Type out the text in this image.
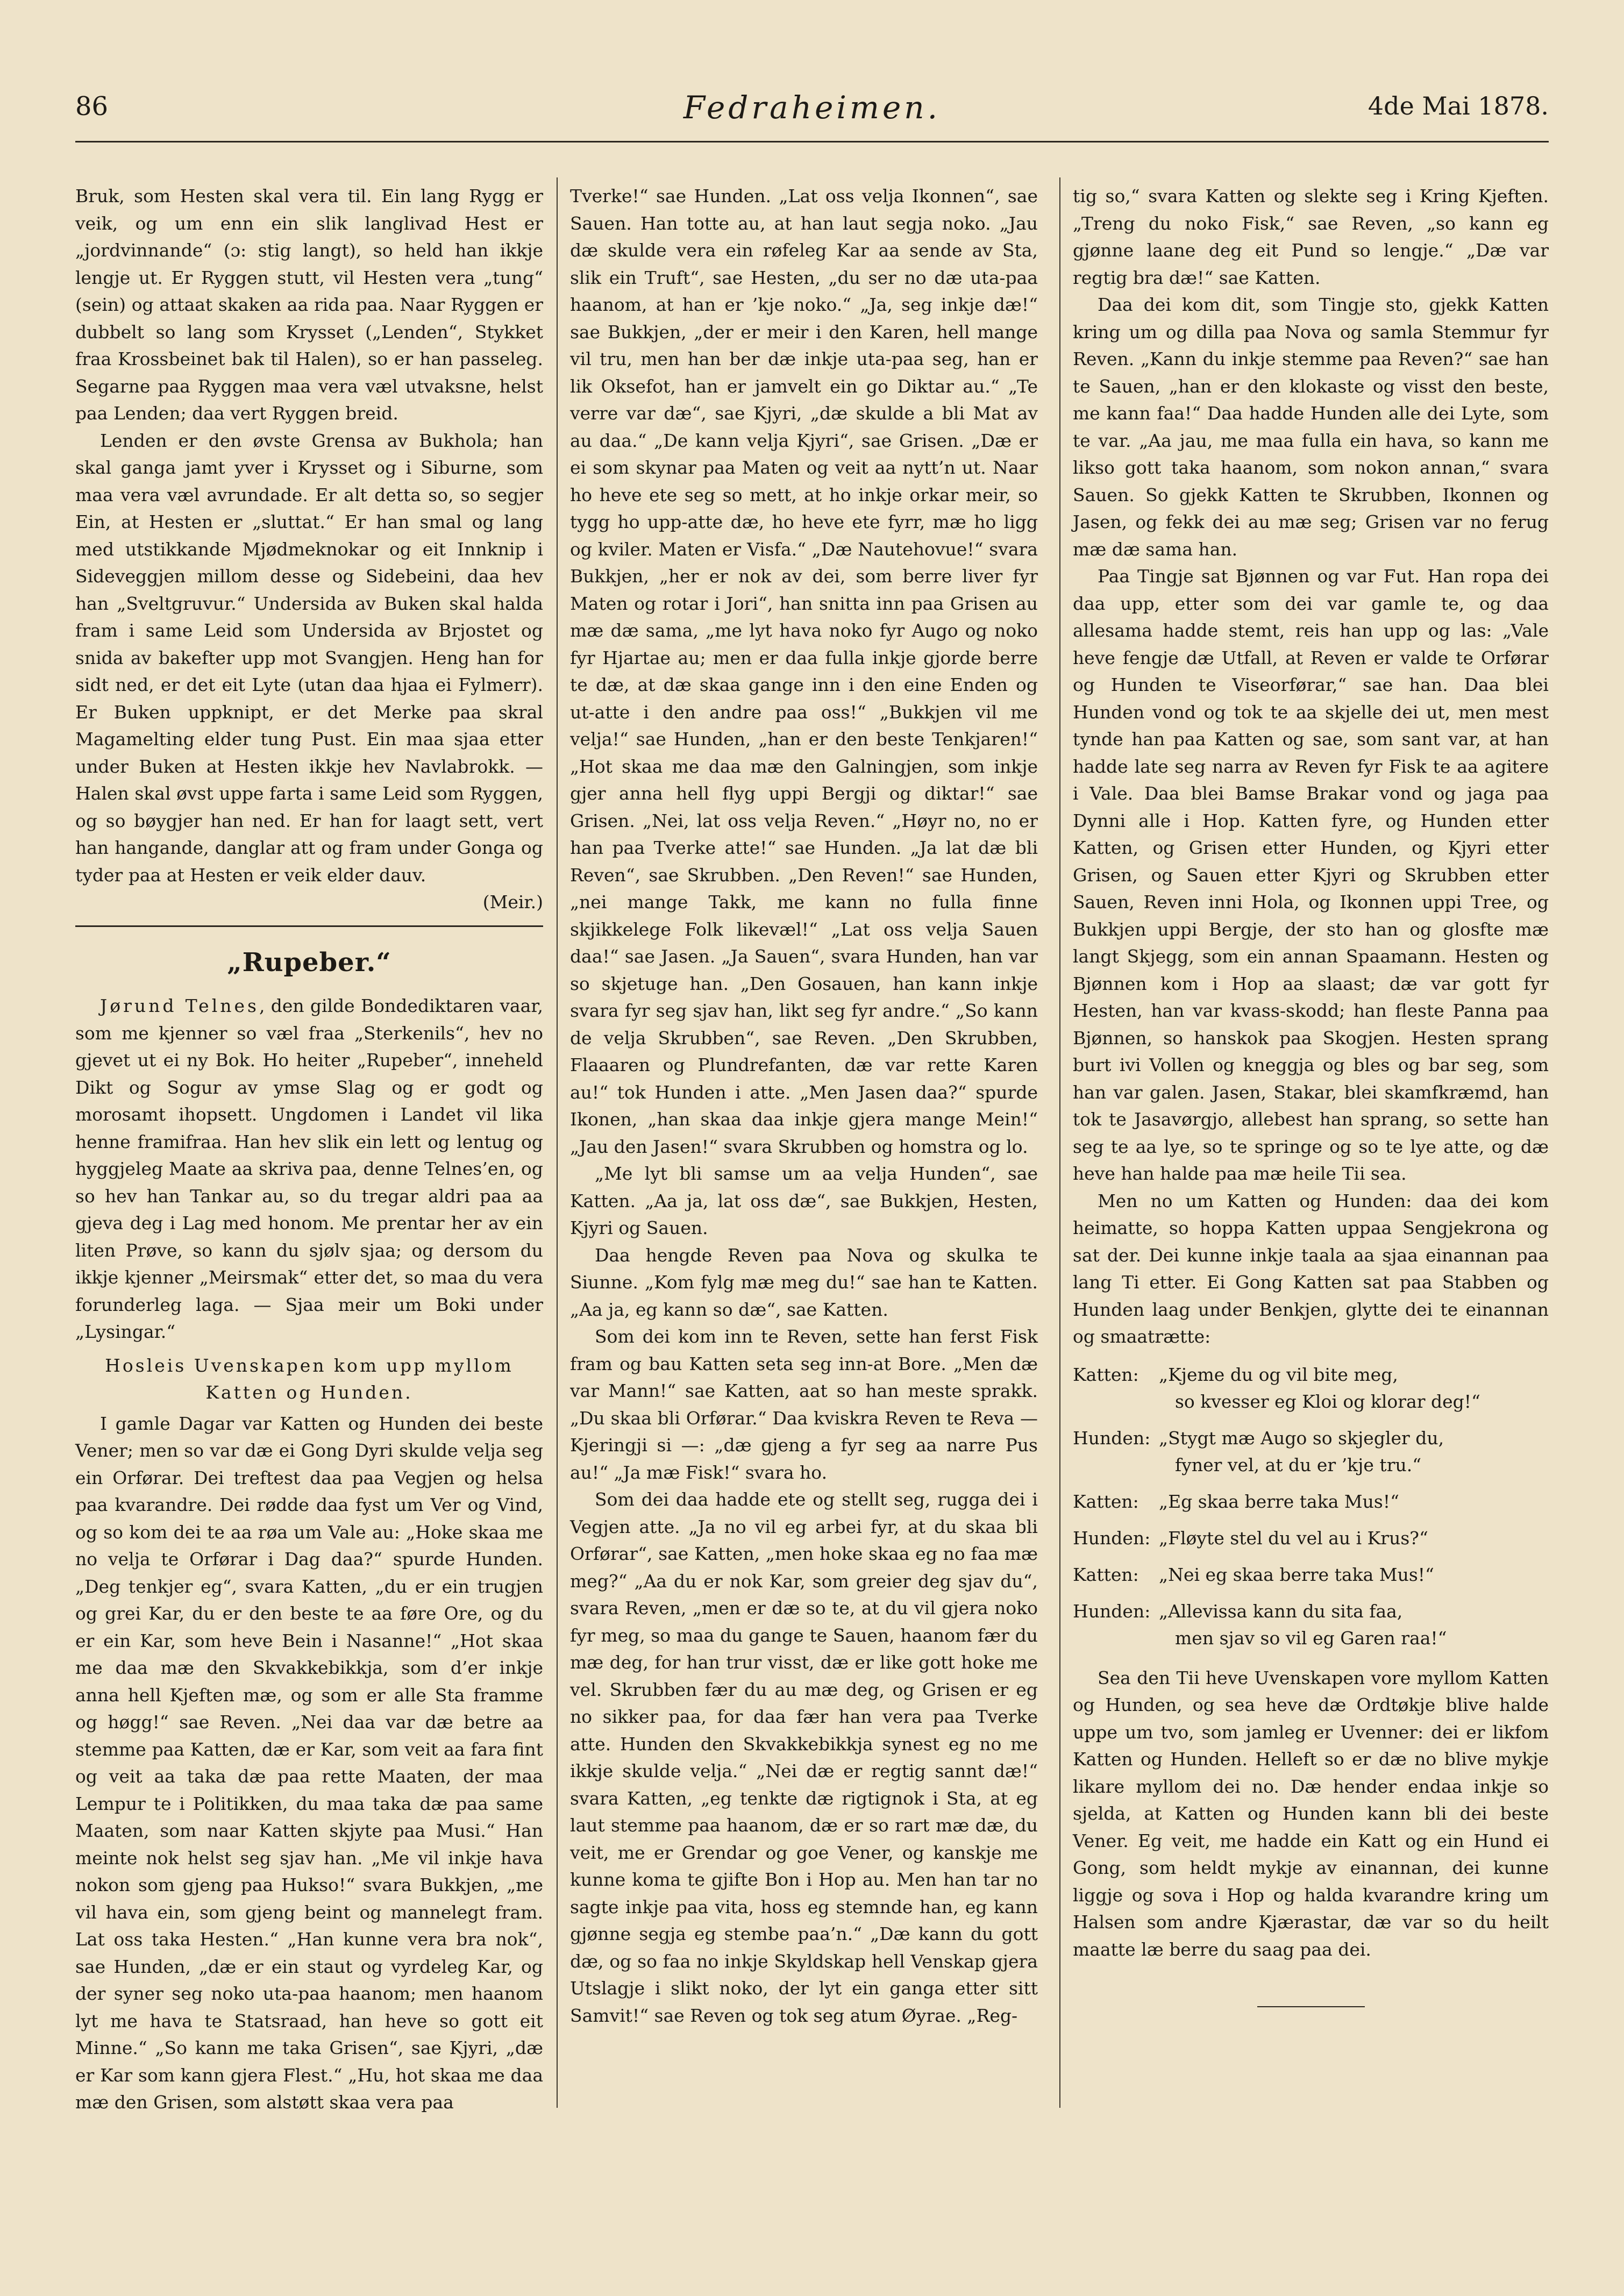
86	Fedraheimen.	4de Mai 1878.

Bruk, som Hesten skal vera til. Ein lang Rygg er veik, og um enn ein slik langlivad Hest er „jordvinnande“ (ɔ: stig langt), so held han ikkje lengje ut. Er Ryggen stutt, vil Hesten vera „tung“ (sein) og attaat skaken aa rida paa. Naar Ryggen er dubbelt so lang som Krysset („Lenden“, Stykket fraa Krossbeinet bak til Halen), so er han passeleg. Segarne paa Ryggen maa vera væl utvaksne, helst paa Lenden; daa vert Ryggen breid.

Lenden er den øvste Grensa av Bukhola; han skal ganga jamt yver i Krysset og i Siburne, som maa vera væl avrundade. Er alt detta so, so segjer Ein, at Hesten er „sluttat.“ Er han smal og lang med utstikkande Mjødmeknokar og eit Innknip i Sideveggjen millom desse og Sidebeini, daa hev han „Sveltgruvur.“ Undersida av Buken skal halda fram i same Leid som Undersida av Brjostet og snida av bakefter upp mot Svangjen. Heng han for sidt ned, er det eit Lyte (utan daa hjaa ei Fylmerr). Er Buken uppknipt, er det Merke paa skral Magamelting elder tung Pust. Ein maa sjaa etter under Buken at Hesten ikkje hev Navlabrokk. — Halen skal øvst uppe farta i same Leid som Ryggen, og so bøygjer han ned. Er han for laagt sett, vert han hangande, danglar att og fram under Gonga og tyder paa at Hesten er veik elder dauv.

(Meir.)

„Rupeber.“

Jørund Telnes, den gilde Bondediktaren vaar, som me kjenner so væl fraa „Sterkenils“, hev no gjevet ut ei ny Bok. Ho heiter „Rupeber“, inneheld Dikt og Sogur av ymse Slag og er godt og morosamt ihopsett. Ungdomen i Landet vil lika henne framifraa. Han hev slik ein lett og lentug og hyggjeleg Maate aa skriva paa, denne Telnes’en, og so hev han Tankar au, so du tregar aldri paa aa gjeva deg i Lag med honom. Me prentar her av ein liten Prøve, so kann du sjølv sjaa; og dersom du ikkje kjenner „Meirsmak“ etter det, so maa du vera forunderleg laga. — Sjaa meir um Boki under „Lysingar.“

Hosleis Uvenskapen kom upp myllom
Katten og Hunden.

I gamle Dagar var Katten og Hunden dei beste Vener; men so var dæ ei Gong Dyri skulde velja seg ein Orførar. Dei treftest daa paa Vegjen og helsa paa kvarandre. Dei rødde daa fyst um Ver og Vind, og so kom dei te aa røa um Vale au: „Hoke skaa me no velja te Orførar i Dag daa?“ spurde Hunden. „Deg tenkjer eg“, svara Katten, „du er ein trugjen og grei Kar, du er den beste te aa føre Ore, og du er ein Kar, som heve Bein i Nasanne!“ „Hot skaa me daa mæ den Skvakkebikkja, som d’er inkje anna hell Kjeften mæ, og som er alle Sta framme og høgg!“ sae Reven. „Nei daa var dæ betre aa stemme paa Katten, dæ er Kar, som veit aa fara fint og veit aa taka dæ paa rette Maaten, der maa Lempur te i Politikken, du maa taka dæ paa same Maaten, som naar Katten skjyte paa Musi.“ Han meinte nok helst seg sjav han. „Me vil inkje hava nokon som gjeng paa Hukso!“ svara Bukkjen, „me vil hava ein, som gjeng beint og mannelegt fram. Lat oss taka Hesten.“ „Han kunne vera bra nok“, sae Hunden, „dæ er ein staut og vyrdeleg Kar, og der syner seg noko uta-paa haanom; men haanom lyt me hava te Statsraad, han heve so gott eit Minne.“ „So kann me taka Grisen“, sae Kjyri, „dæ er Kar som kann gjera Flest.“ „Hu, hot skaa me daa mæ den Grisen, som alstøtt skaa vera paa

Tverke!“ sae Hunden. „Lat oss velja Ikonnen“, sae Sauen. Han totte au, at han laut segja noko. „Jau dæ skulde vera ein røfeleg Kar aa sende av Sta, slik ein Truft“, sae Hesten, „du ser no dæ uta-paa haanom, at han er ’kje noko.“ „Ja, seg inkje dæ!“ sae Bukkjen, „der er meir i den Karen, hell mange vil tru, men han ber dæ inkje uta-paa seg, han er lik Oksefot, han er jamvelt ein go Diktar au.“ „Te verre var dæ“, sae Kjyri, „dæ skulde a bli Mat av au daa.“ „De kann velja Kjyri“, sae Grisen. „Dæ er ei som skynar paa Maten og veit aa nytt’n ut. Naar ho heve ete seg so mett, at ho inkje orkar meir, so tygg ho upp-atte dæ, ho heve ete fyrr, mæ ho ligg og kviler. Maten er Visfa.“ „Dæ Nautehovue!“ svara Bukkjen, „her er nok av dei, som berre liver fyr Maten og rotar i Jori“, han snitta inn paa Grisen au mæ dæ sama, „me lyt hava noko fyr Augo og noko fyr Hjartae au; men er daa fulla inkje gjorde berre te dæ, at dæ skaa gange inn i den eine Enden og ut-atte i den andre paa oss!“ „Bukkjen vil me velja!“ sae Hunden, „han er den beste Tenkjaren!“ „Hot skaa me daa mæ den Galningjen, som inkje gjer anna hell flyg uppi Bergji og diktar!“ sae Grisen. „Nei, lat oss velja Reven.“ „Høyr no, no er han paa Tverke atte!“ sae Hunden. „Ja lat dæ bli Reven“, sae Skrubben. „Den Reven!“ sae Hunden, „nei mange Takk, me kann no fulla finne skjikkelege Folk likevæl!“ „Lat oss velja Sauen daa!“ sae Jasen. „Ja Sauen“, svara Hunden, han var so skjetuge han. „Den Gosauen, han kann inkje svara fyr seg sjav han, likt seg fyr andre.“ „So kann de velja Skrubben“, sae Reven. „Den Skrubben, Flaaaren og Plundrefanten, dæ var rette Karen au!“ tok Hunden i atte. „Men Jasen daa?“ spurde Ikonen, „han skaa daa inkje gjera mange Mein!“ „Jau den Jasen!“ svara Skrubben og homstra og lo.

„Me lyt bli samse um aa velja Hunden“, sae Katten. „Aa ja, lat oss dæ“, sae Bukkjen, Hesten, Kjyri og Sauen.

Daa hengde Reven paa Nova og skulka te Siunne. „Kom fylg mæ meg du!“ sae han te Katten. „Aa ja, eg kann so dæ“, sae Katten.

Som dei kom inn te Reven, sette han ferst Fisk fram og bau Katten seta seg inn-at Bore. „Men dæ var Mann!“ sae Katten, aat so han meste sprakk. „Du skaa bli Orførar.“ Daa kviskra Reven te Reva — Kjeringji si —: „dæ gjeng a fyr seg aa narre Pus au!“ „Ja mæ Fisk!“ svara ho.

Som dei daa hadde ete og stellt seg, rugga dei i Vegjen atte. „Ja no vil eg arbei fyr, at du skaa bli Orførar“, sae Katten, „men hoke skaa eg no faa mæ meg?“ „Aa du er nok Kar, som greier deg sjav du“, svara Reven, „men er dæ so te, at du vil gjera noko fyr meg, so maa du gange te Sauen, haanom fær du mæ deg, for han trur visst, dæ er like gott hoke me vel. Skrubben fær du au mæ deg, og Grisen er eg no sikker paa, for daa fær han vera paa Tverke atte. Hunden den Skvakkebikkja synest eg no me ikkje skulde velja.“ „Nei dæ er regtig sannt dæ!“ svara Katten, „eg tenkte dæ rigtignok i Sta, at eg laut stemme paa haanom, dæ er so rart mæ dæ, du veit, me er Grendar og goe Vener, og kanskje me kunne koma te gjifte Bon i Hop au. Men han tar no sagte inkje paa vita, hoss eg stemnde han, eg kann gjønne segja eg stembe paa’n.“ „Dæ kann du gott dæ, og so faa no inkje Skyldskap hell Venskap gjera Utslagje i slikt noko, der lyt ein ganga etter sitt Samvit!“ sae Reven og tok seg atum Øyrae. „Reg-

tig so,“ svara Katten og slekte seg i Kring Kjeften. „Treng du noko Fisk,“ sae Reven, „so kann eg gjønne laane deg eit Pund so lengje.“ „Dæ var regtig bra dæ!“ sae Katten.

Daa dei kom dit, som Tingje sto, gjekk Katten kring um og dilla paa Nova og samla Stemmur fyr Reven. „Kann du inkje stemme paa Reven?“ sae han te Sauen, „han er den klokaste og visst den beste, me kann faa!“ Daa hadde Hunden alle dei Lyte, som te var. „Aa jau, me maa fulla ein hava, so kann me likso gott taka haanom, som nokon annan,“ svara Sauen. So gjekk Katten te Skrubben, Ikonnen og Jasen, og fekk dei au mæ seg; Grisen var no ferug mæ dæ sama han.

Paa Tingje sat Bjønnen og var Fut. Han ropa dei daa upp, etter som dei var gamle te, og daa allesama hadde stemt, reis han upp og las: „Vale heve fengje dæ Utfall, at Reven er valde te Orførar og Hunden te Viseorførar,“ sae han. Daa blei Hunden vond og tok te aa skjelle dei ut, men mest tynde han paa Katten og sae, som sant var, at han hadde late seg narra av Reven fyr Fisk te aa agitere i Vale. Daa blei Bamse Brakar vond og jaga paa Dynni alle i Hop. Katten fyre, og Hunden etter Katten, og Grisen etter Hunden, og Kjyri etter Grisen, og Sauen etter Kjyri og Skrubben etter Sauen, Reven inni Hola, og Ikonnen uppi Tree, og Bukkjen uppi Bergje, der sto han og glosfte mæ langt Skjegg, som ein annan Spaamann. Hesten og Bjønnen kom i Hop aa slaast; dæ var gott fyr Hesten, han var kvass-skodd; han fleste Panna paa Bjønnen, so hanskok paa Skogjen. Hesten sprang burt ivi Vollen og kneggja og bles og bar seg, som han var galen. Jasen, Stakar, blei skamfkræmd, han tok te Jasavørgjo, allebest han sprang, so sette han seg te aa lye, so te springe og so te lye atte, og dæ heve han halde paa mæ heile Tii sea.

Men no um Katten og Hunden: daa dei kom heimatte, so hoppa Katten uppaa Sengjekrona og sat der. Dei kunne inkje taala aa sjaa einannan paa lang Ti etter. Ei Gong Katten sat paa Stabben og Hunden laag under Benkjen, glytte dei te einannan og smaatrætte:

Katten:	„Kjeme du og vil bite meg,
so kvesser eg Kloi og klorar deg!“
Hunden: „Stygt mæ Augo so skjegler du,
fyner vel, at du er ’kje tru.“
Katten:	„Eg skaa berre taka Mus!“
Hunden: „Fløyte stel du vel au i Krus?“
Katten:	„Nei eg skaa berre taka Mus!“
Hunden: „Allevissa kann du sita faa,
men sjav so vil eg Garen raa!“

Sea den Tii heve Uvenskapen vore myllom Katten og Hunden, og sea heve dæ Ordtøkje blive halde uppe um tvo, som jamleg er Uvenner: dei er likfom Katten og Hunden. Helleft so er dæ no blive mykje likare myllom dei no. Dæ hender endaa inkje so sjelda, at Katten og Hunden kann bli dei beste Vener. Eg veit, me hadde ein Katt og ein Hund ei Gong, som heldt mykje av einannan, dei kunne liggje og sova i Hop og halda kvarandre kring um Halsen som andre Kjærastar, dæ var so du heilt maatte læ berre du saag paa dei.
